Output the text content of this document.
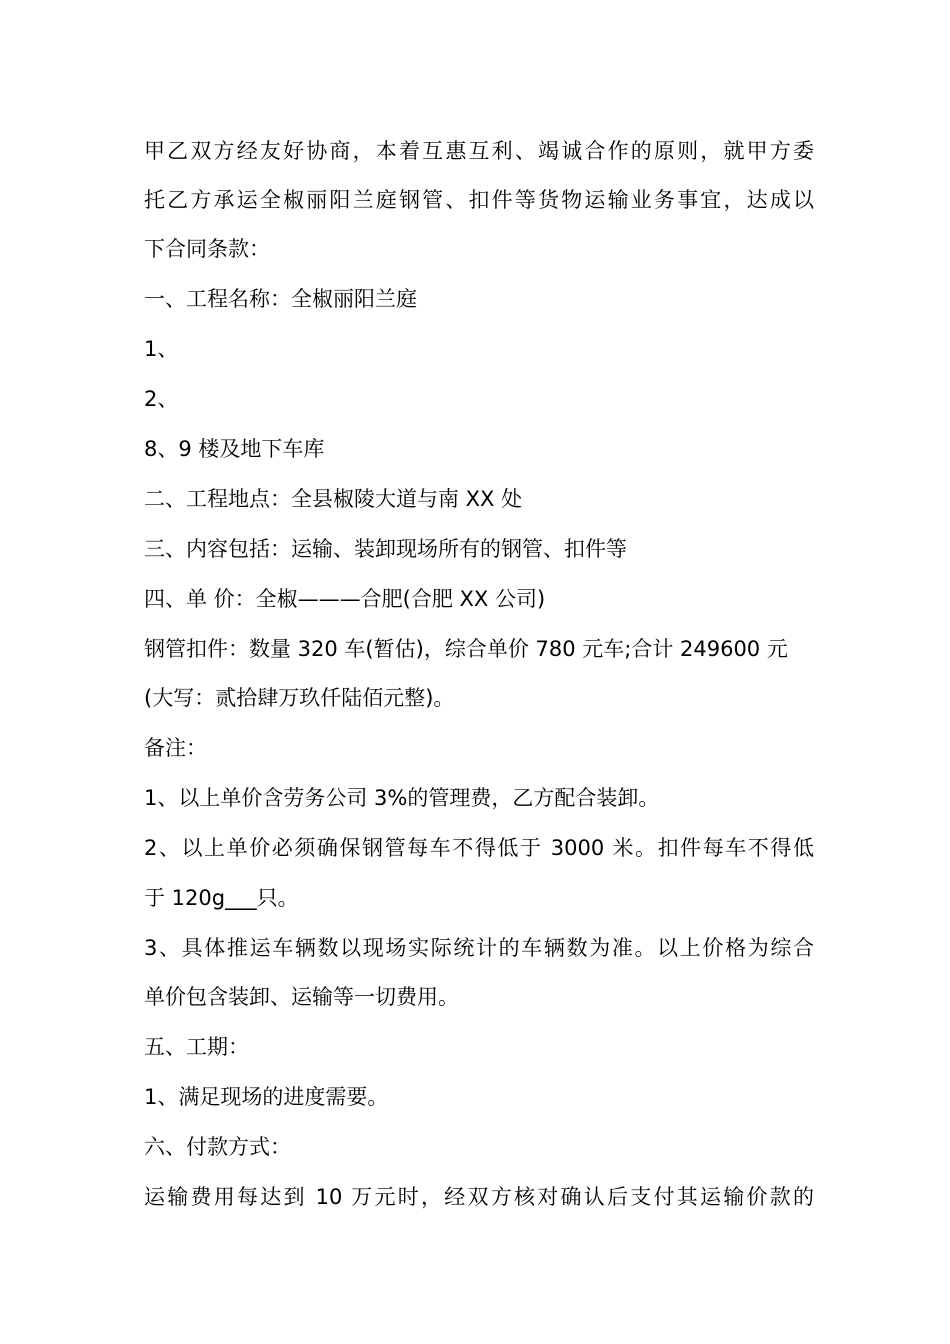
甲乙双方经友好协商，本着互惠互利、竭诚合作的原则，就甲方委
托乙方承运全椒丽阳兰庭钢管、扣件等货物运输业务事宜，达成以
下合同条款：
一、工程名称：全椒丽阳兰庭
1、
2、
8、9 楼及地下车库
二、工程地点：全县椒陵大道与南 XX 处
三、内容包括：运输、装卸现场所有的钢管、扣件等
四、单 价：全椒———合肥(合肥 XX 公司)
钢管扣件：数量 320 车(暂估)，综合单价 780 元车;合计 249600 元
(大写：贰拾肆万玖仟陆佰元整)。
备注：
1、以上单价含劳务公司 3%的管理费，乙方配合装卸。
2、以上单价必须确保钢管每车不得低于 3000 米。扣件每车不得低
于 120g___只。
3、具体推运车辆数以现场实际统计的车辆数为准。以上价格为综合
单价包含装卸、运输等一切费用。
五、工期：
1、满足现场的进度需要。
六、付款方式：
运输费用每达到 10 万元时，经双方核对确认后支付其运输价款的
